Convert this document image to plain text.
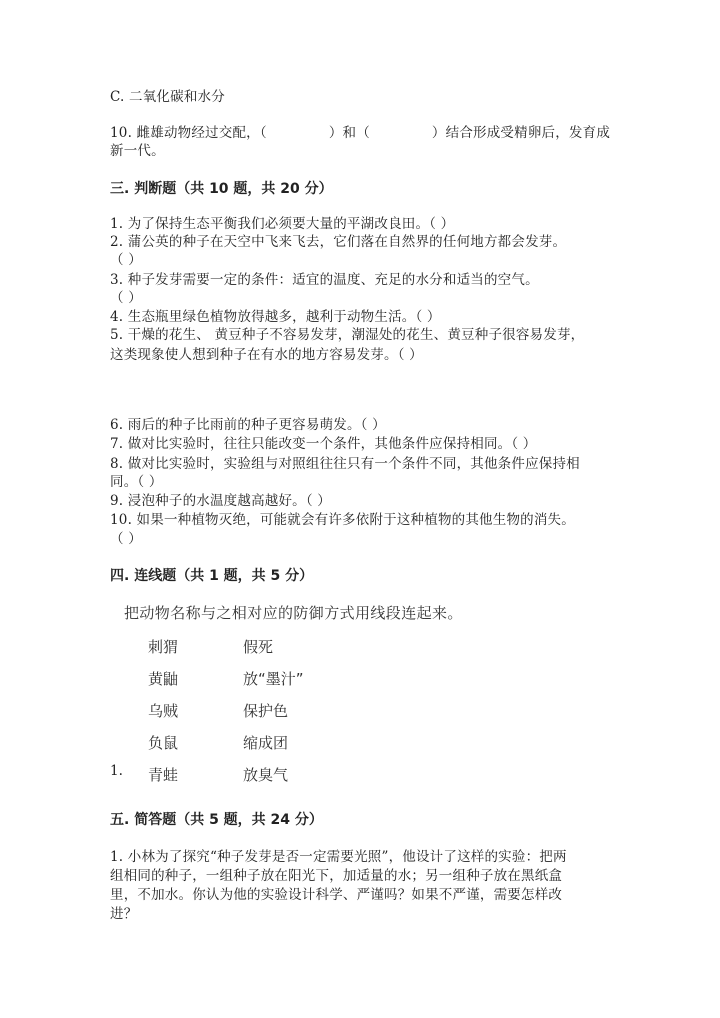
C. 二氧化碳和水分
10. 雌雄动物经过交配，（	）和（	）结合形成受精卵后，发育成
新一代。
三. 判断题（共 10 题，共 20 分）
1. 为了保持生态平衡我们必须要大量的平湖改良田。（ ）
2. 蒲公英的种子在天空中飞来飞去，它们落在自然界的任何地方都会发芽。
（ ）
3. 种子发芽需要一定的条件：适宜的温度、充足的水分和适当的空气。
（ ）
4. 生态瓶里绿色植物放得越多，越利于动物生活。（ ）
5. 干燥的花生、 黄豆种子不容易发芽，潮湿处的花生、黄豆种子很容易发芽，
这类现象使人想到种子在有水的地方容易发芽。（ ）
6. 雨后的种子比雨前的种子更容易萌发。（ ）
7. 做对比实验时，往往只能改变一个条件，其他条件应保持相同。（ ）
8. 做对比实验时，实验组与对照组往往只有一个条件不同，其他条件应保持相
同。（ ）
9. 浸泡种子的水温度越高越好。（ ）
10. 如果一种植物灭绝，可能就会有许多依附于这种植物的其他生物的消失。
（ ）
四. 连线题（共 1 题，共 5 分）
把动物名称与之相对应的防御方式用线段连起来。
刺猬
黄鼬
乌贼
负鼠
青蛙
假死
放“墨汁”
保护色
缩成团
放臭气
1.
五. 简答题（共 5 题，共 24 分）
1. 小林为了探究“种子发芽是否一定需要光照”，他设计了这样的实验：把两
组相同的种子，一组种子放在阳光下，加适量的水；另一组种子放在黑纸盒
里，不加水。你认为他的实验设计科学、严谨吗？如果不严谨，需要怎样改
进？
